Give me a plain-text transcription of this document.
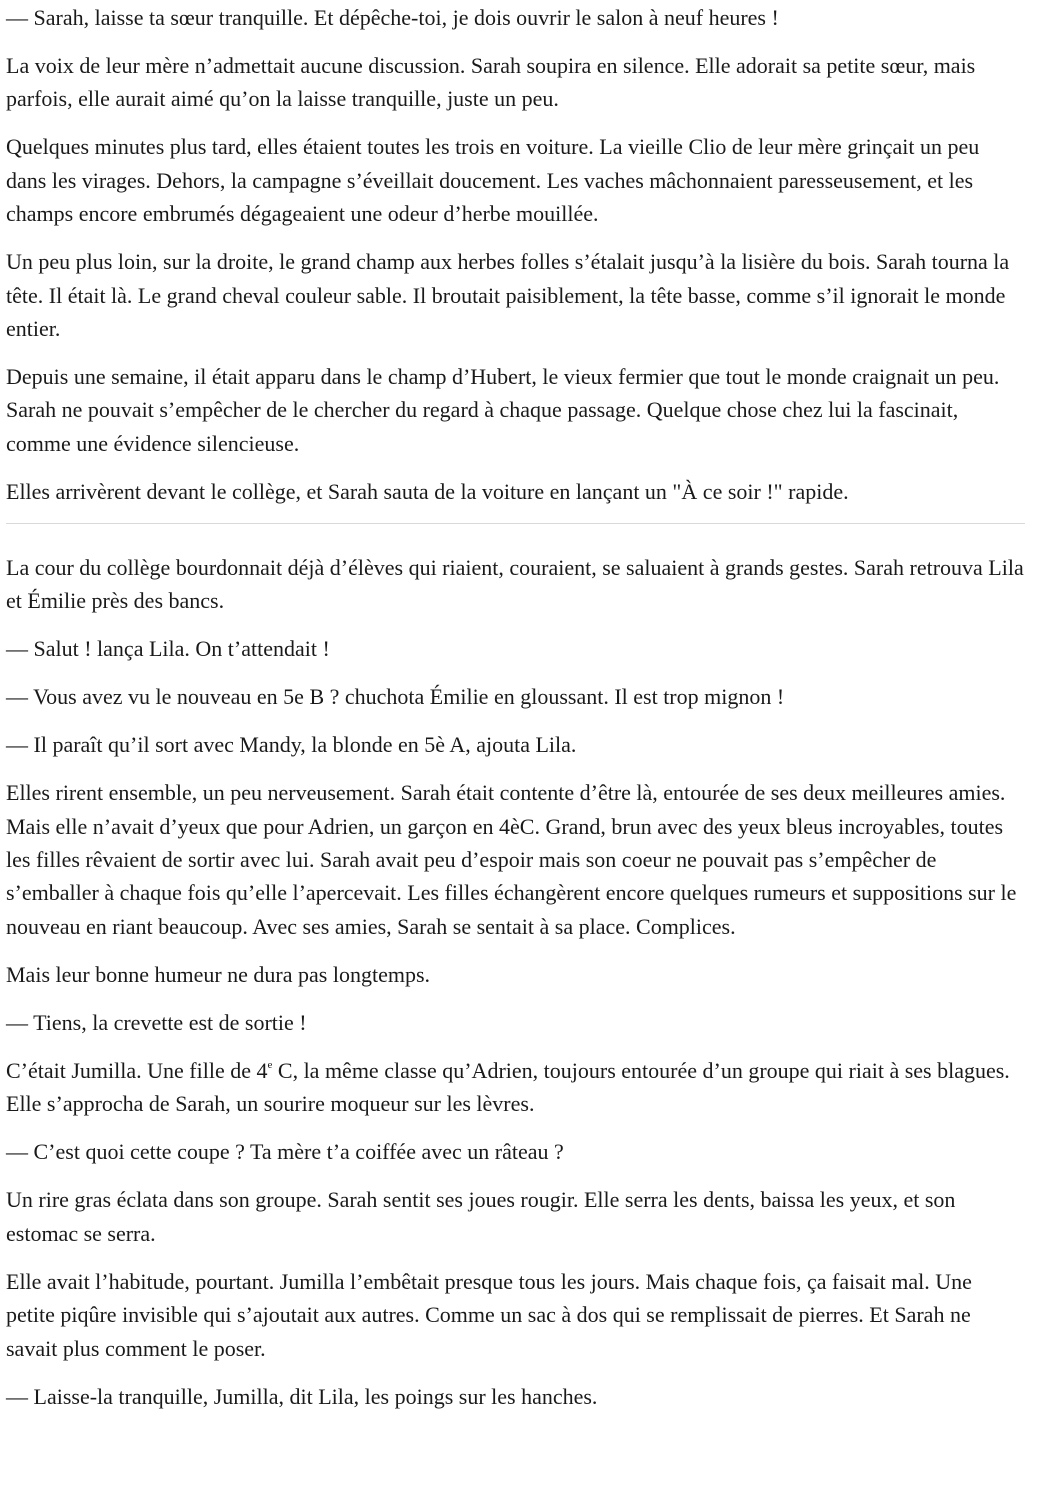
— Sarah, laisse ta sœur tranquille. Et dépêche-toi, je dois ouvrir le salon à neuf heures !

La voix de leur mère n’admettait aucune discussion. Sarah soupira en silence. Elle adorait sa petite sœur, mais parfois, elle aurait aimé qu’on la laisse tranquille, juste un peu.

Quelques minutes plus tard, elles étaient toutes les trois en voiture. La vieille Clio de leur mère grinçait un peu dans les virages. Dehors, la campagne s’éveillait doucement. Les vaches mâchonnaient paresseusement, et les champs encore embrumés dégageaient une odeur d’herbe mouillée.

Un peu plus loin, sur la droite, le grand champ aux herbes folles s’étalait jusqu’à la lisière du bois. Sarah tourna la tête. Il était là. Le grand cheval couleur sable. Il broutait paisiblement, la tête basse, comme s’il ignorait le monde entier.

Depuis une semaine, il était apparu dans le champ d’Hubert, le vieux fermier que tout le monde craignait un peu. Sarah ne pouvait s’empêcher de le chercher du regard à chaque passage. Quelque chose chez lui la fascinait, comme une évidence silencieuse.

Elles arrivèrent devant le collège, et Sarah sauta de la voiture en lançant un "À ce soir !" rapide.

La cour du collège bourdonnait déjà d’élèves qui riaient, couraient, se saluaient à grands gestes. Sarah retrouva Lila et Émilie près des bancs.

— Salut ! lança Lila. On t’attendait !

— Vous avez vu le nouveau en 5e B ? chuchota Émilie en gloussant. Il est trop mignon !

— Il paraît qu’il sort avec Mandy, la blonde en 5è A, ajouta Lila.

Elles rirent ensemble, un peu nerveusement. Sarah était contente d’être là, entourée de ses deux meilleures amies. Mais elle n’avait d’yeux que pour Adrien, un garçon en 4èC. Grand, brun avec des yeux bleus incroyables, toutes les filles rêvaient de sortir avec lui. Sarah avait peu d’espoir mais son coeur ne pouvait pas s’empêcher de s’emballer à chaque fois qu’elle l’apercevait. Les filles échangèrent encore quelques rumeurs et suppositions sur le nouveau en riant beaucoup. Avec ses amies, Sarah se sentait à sa place. Complices.

Mais leur bonne humeur ne dura pas longtemps.

— Tiens, la crevette est de sortie !

C’était Jumilla. Une fille de 4e C, la même classe qu’Adrien, toujours entourée d’un groupe qui riait à ses blagues. Elle s’approcha de Sarah, un sourire moqueur sur les lèvres.

— C’est quoi cette coupe ? Ta mère t’a coiffée avec un râteau ?

Un rire gras éclata dans son groupe. Sarah sentit ses joues rougir. Elle serra les dents, baissa les yeux, et son estomac se serra.

Elle avait l’habitude, pourtant. Jumilla l’embêtait presque tous les jours. Mais chaque fois, ça faisait mal. Une petite piqûre invisible qui s’ajoutait aux autres. Comme un sac à dos qui se remplissait de pierres. Et Sarah ne savait plus comment le poser.

— Laisse-la tranquille, Jumilla, dit Lila, les poings sur les hanches.
